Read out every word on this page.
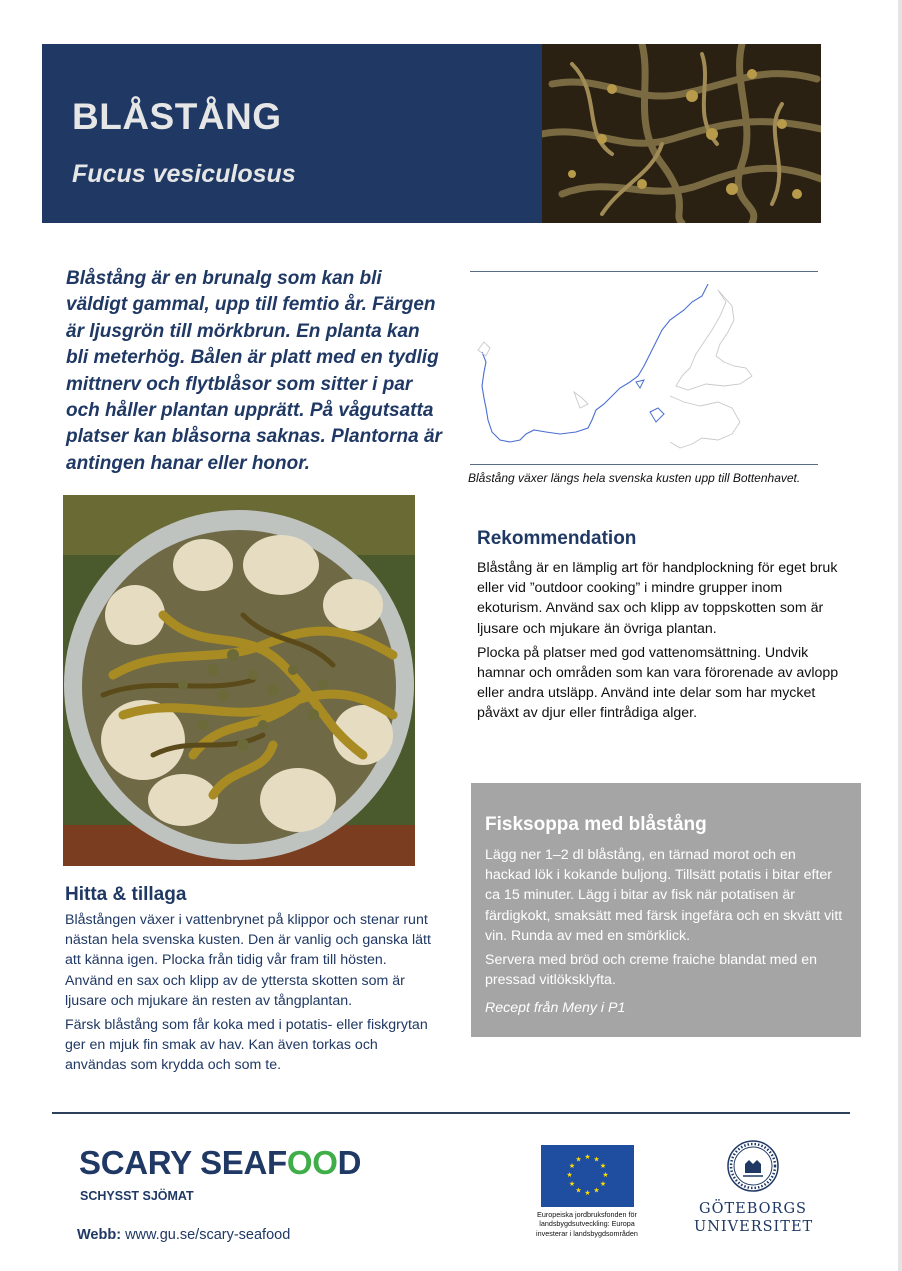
BLÅSTÅNG
Fucus vesiculosus
Blåstång är en brunalg som kan bli väldigt gammal, upp till femtio år. Färgen är ljusgrön till mörkbrun. En planta kan bli meterhög. Bålen är platt med en tydlig mittnerv och flytblåsor som sitter i par och håller plantan upprätt. På vågutsatta platser kan blåsorna saknas. Plantorna är antingen hanar eller honor.
Blåstång växer längs hela svenska kusten upp till Bottenhavet.
Rekommendation

Blåstång är en lämplig art för handplockning för eget bruk eller vid ”outdoor cooking” i mindre grupper inom ekoturism. Använd sax och klipp av toppskotten som är ljusare och mjukare än övriga plantan.

Plocka på platser med god vattenomsättning. Undvik hamnar och områden som kan vara förorenade av avlopp eller andra utsläpp. Använd inte delar som har mycket påväxt av djur eller fintrådiga alger.

Fisksoppa med blåstång

Lägg ner 1–2 dl blåstång, en tärnad morot och en hackad lök i kokande buljong. Tillsätt potatis i bitar efter ca 15 minuter. Lägg i bitar av fisk när potatisen är färdigkokt, smaksätt med färsk ingefära och en skvätt vitt vin. Runda av med en smörklick.

Servera med bröd och creme fraiche blandat med en pressad vitlöksklyfta.

Recept från Meny i P1

Hitta & tillaga

Blåstången växer i vattenbrynet på klippor och stenar runt nästan hela svenska kusten. Den är vanlig och ganska lätt att känna igen. Plocka från tidig vår fram till hösten. Använd en sax och klipp av de yttersta skotten som är ljusare och mjukare än resten av tångplantan.

Färsk blåstång som får koka med i potatis- eller fiskgrytan ger en mjuk fin smak av hav. Kan även torkas och användas som krydda och som te.

SCARY SEAFOOD
SCHYSST SJÖMAT
Webb: www.gu.se/scary-seafood
★ ★
★
★
★
★
★
★
★
★
★
★
Europeiska jordbruksfonden för landsbygdsutveckling: Europa investerar i landsbygdsområden
GÖTEBORGS
UNIVERSITET
